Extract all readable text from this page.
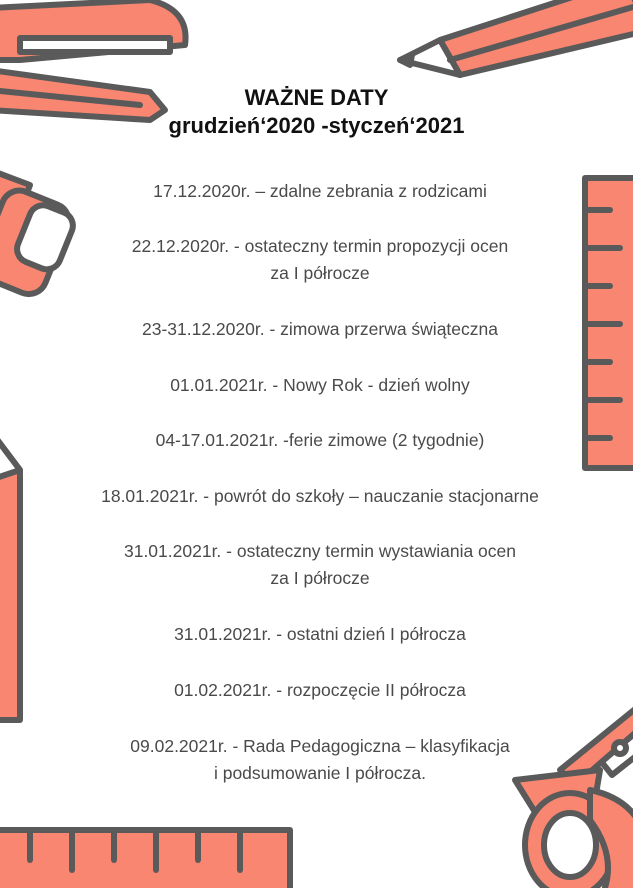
WAŻNE DATY
grudzień‘2020 -styczeń‘2021
17.12.2020r. – zdalne zebrania z rodzicami
22.12.2020r. - ostateczny termin propozycji ocen
za I półrocze
23-31.12.2020r. - zimowa przerwa świąteczna
01.01.2021r. - Nowy Rok - dzień wolny
04-17.01.2021r. -ferie zimowe (2 tygodnie)
18.01.2021r. - powrót do szkoły – nauczanie stacjonarne
31.01.2021r. - ostateczny termin wystawiania ocen
za I półrocze
31.01.2021r. - ostatni dzień I półrocza
01.02.2021r. - rozpoczęcie II półrocza
09.02.2021r. - Rada Pedagogiczna – klasyfikacja
i podsumowanie I półrocza.
